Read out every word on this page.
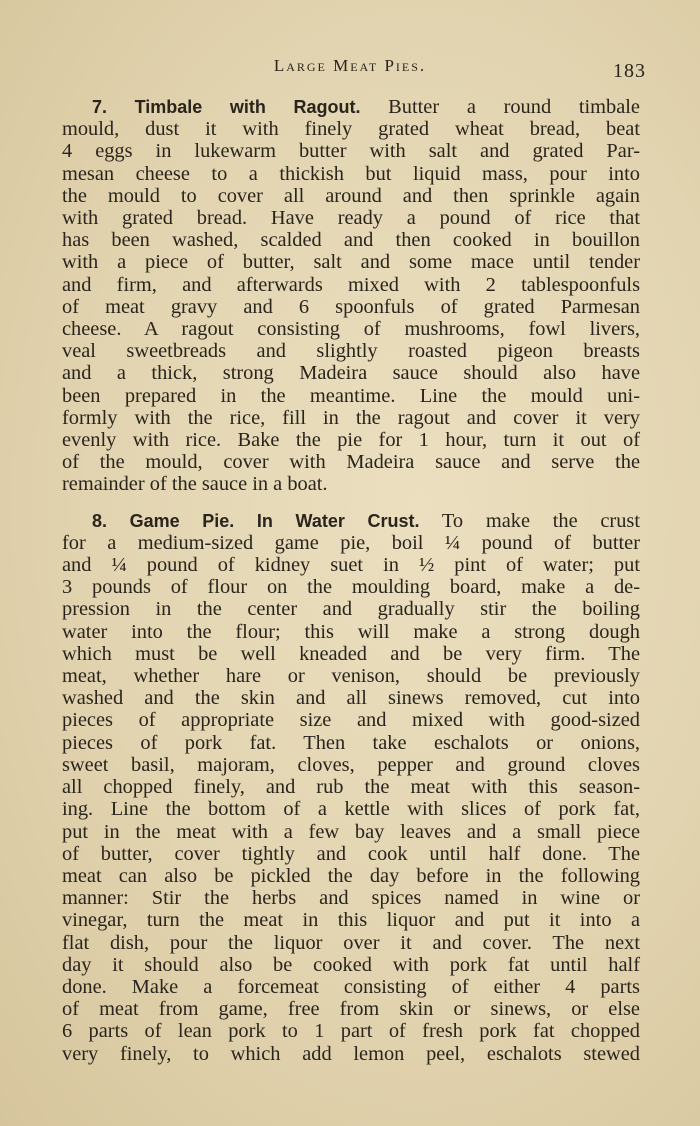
Large Meat Pies.	183
7. Timbale with Ragout. Butter a round timbale
mould, dust it with finely grated wheat bread, beat
4 eggs in lukewarm butter with salt and grated Par-
mesan cheese to a thickish but liquid mass, pour into
the mould to cover all around and then sprinkle again
with grated bread. Have ready a pound of rice that
has been washed, scalded and then cooked in bouillon
with a piece of butter, salt and some mace until tender
and firm, and afterwards mixed with 2 tablespoonfuls
of meat gravy and 6 spoonfuls of grated Parmesan
cheese. A ragout consisting of mushrooms, fowl livers,
veal sweetbreads and slightly roasted pigeon breasts
and a thick, strong Madeira sauce should also have
been prepared in the meantime. Line the mould uni-
formly with the rice, fill in the ragout and cover it very
evenly with rice. Bake the pie for 1 hour, turn it out of
of the mould, cover with Madeira sauce and serve the
remainder of the sauce in a boat.
8. Game Pie. In Water Crust. To make the crust
for a medium-sized game pie, boil ¼ pound of butter
and ¼ pound of kidney suet in ½ pint of water; put
3 pounds of flour on the moulding board, make a de-
pression in the center and gradually stir the boiling
water into the flour; this will make a strong dough
which must be well kneaded and be very firm. The
meat, whether hare or venison, should be previously
washed and the skin and all sinews removed, cut into
pieces of appropriate size and mixed with good-sized
pieces of pork fat. Then take eschalots or onions,
sweet basil, majoram, cloves, pepper and ground cloves
all chopped finely, and rub the meat with this season-
ing. Line the bottom of a kettle with slices of pork fat,
put in the meat with a few bay leaves and a small piece
of butter, cover tightly and cook until half done. The
meat can also be pickled the day before in the following
manner: Stir the herbs and spices named in wine or
vinegar, turn the meat in this liquor and put it into a
flat dish, pour the liquor over it and cover. The next
day it should also be cooked with pork fat until half
done. Make a forcemeat consisting of either 4 parts
of meat from game, free from skin or sinews, or else
6 parts of lean pork to 1 part of fresh pork fat chopped
very finely, to which add lemon peel, eschalots stewed
